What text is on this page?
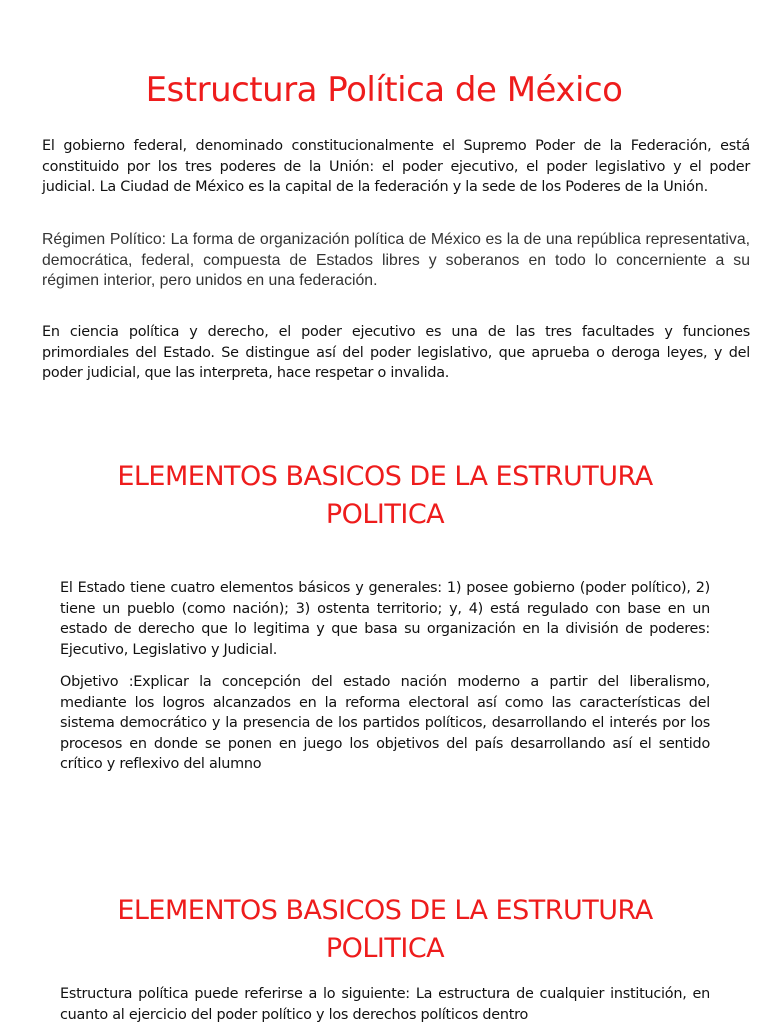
Estructura Política de México

El gobierno federal, denominado constitucionalmente el Supremo Poder de la Federación, está constituido por los tres poderes de la Unión: el poder ejecutivo, el poder legislativo y el poder judicial. La Ciudad de México es la capital de la federación y la sede de los Poderes de la Unión.

Régimen Político: La forma de organización política de México es la de una república representativa, democrática, federal, compuesta de Estados libres y soberanos en todo lo concerniente a su régimen interior, pero unidos en una federación.

En ciencia política y derecho, el poder ejecutivo es una de las tres facultades y funciones primordiales del Estado. Se distingue así del poder legislativo, que aprueba o deroga leyes, y del poder judicial, que las interpreta, hace respetar o invalida.

ELEMENTOS BASICOS DE LA ESTRUTURA POLITICA

El Estado tiene cuatro elementos básicos y generales: 1) posee gobierno (poder político), 2) tiene un pueblo (como nación); 3) ostenta territorio; y, 4) está regulado con base en un estado de derecho que lo legitima y que basa su organización en la división de poderes: Ejecutivo, Legislativo y Judicial.

Objetivo :Explicar la concepción del estado nación moderno a partir del liberalismo, mediante los logros alcanzados en la reforma electoral así como las características del sistema democrático y la presencia de los partidos políticos, desarrollando el interés por los procesos en donde se ponen en juego los objetivos del país desarrollando así el sentido crítico y reflexivo del alumno

ELEMENTOS BASICOS DE LA ESTRUTURA POLITICA

Estructura política puede referirse a lo siguiente: La estructura de cualquier institución, en cuanto al ejercicio del poder político y los derechos políticos dentro
